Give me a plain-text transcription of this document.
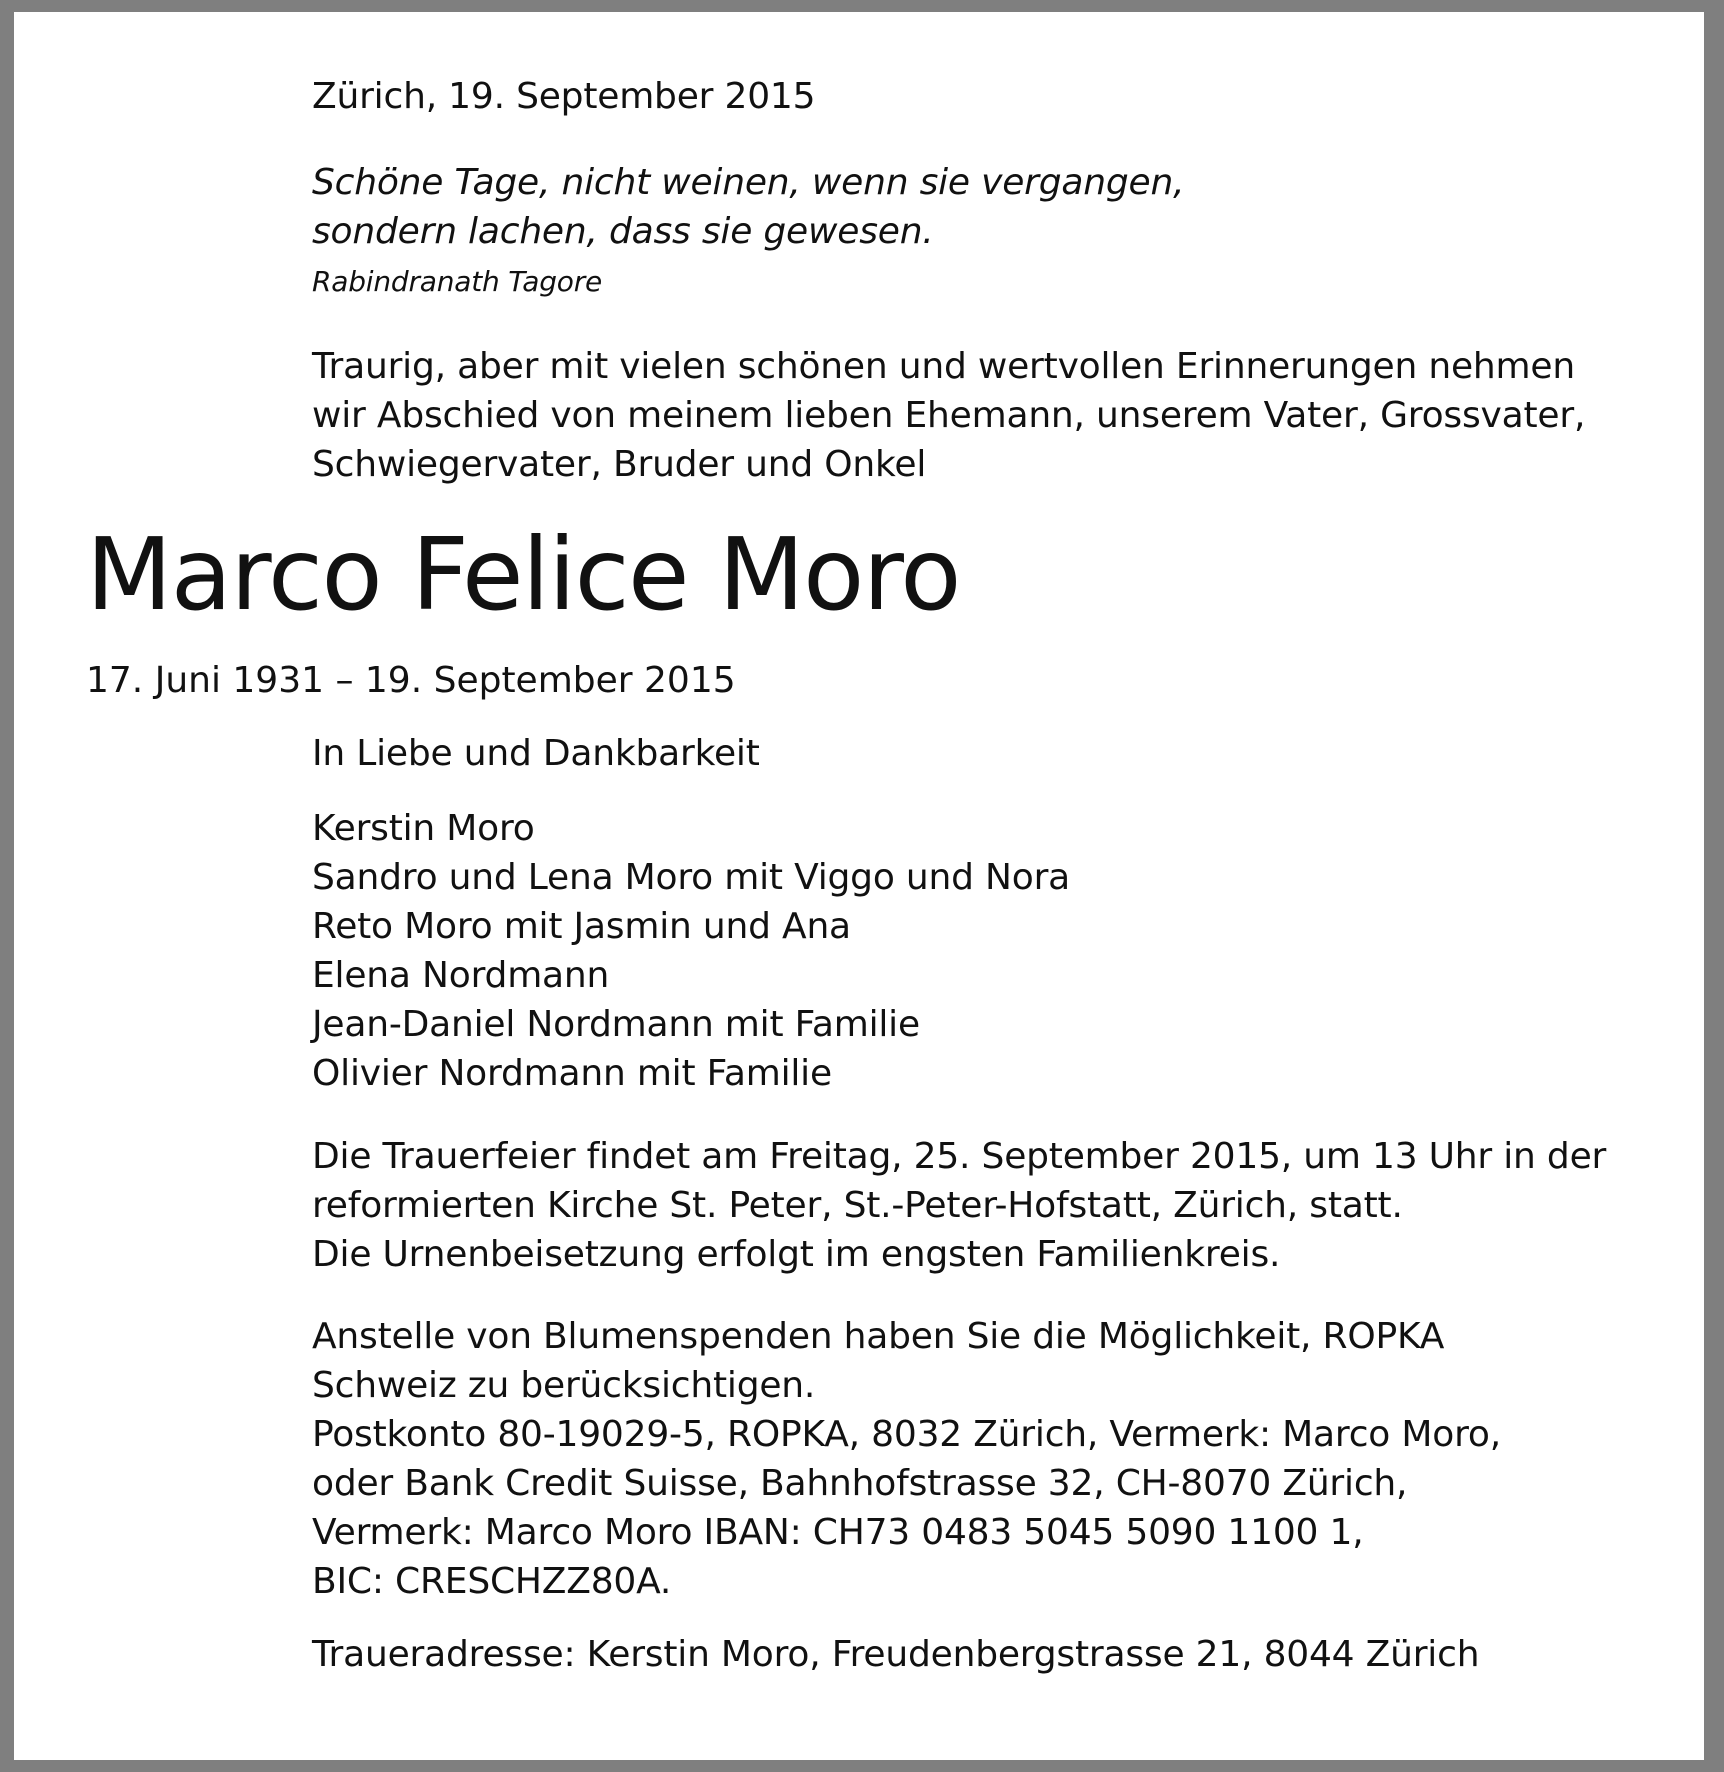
Zürich, 19. September 2015
Schöne Tage, nicht weinen, wenn sie vergangen,
sondern lachen, dass sie gewesen.
Rabindranath Tagore
Traurig, aber mit vielen schönen und wertvollen Erinnerungen nehmen
wir Abschied von meinem lieben Ehemann, unserem Vater, Grossvater,
Schwiegervater, Bruder und Onkel
Marco Felice Moro
17. Juni 1931 – 19. September 2015
In Liebe und Dankbarkeit
Kerstin Moro
Sandro und Lena Moro mit Viggo und Nora
Reto Moro mit Jasmin und Ana
Elena Nordmann
Jean-Daniel Nordmann mit Familie
Olivier Nordmann mit Familie
Die Trauerfeier findet am Freitag, 25. September 2015, um 13 Uhr in der
reformierten Kirche St. Peter, St.-Peter-Hofstatt, Zürich, statt.
Die Urnenbeisetzung erfolgt im engsten Familienkreis.
Anstelle von Blumenspenden haben Sie die Möglichkeit, ROPKA
Schweiz zu berücksichtigen.
Postkonto 80-19029-5, ROPKA, 8032 Zürich, Vermerk: Marco Moro,
oder Bank Credit Suisse, Bahnhofstrasse 32, CH-8070 Zürich,
Vermerk: Marco Moro IBAN: CH73 0483 5045 5090 1100 1,
BIC: CRESCHZZ80A.
Traueradresse: Kerstin Moro, Freudenbergstrasse 21, 8044 Zürich
